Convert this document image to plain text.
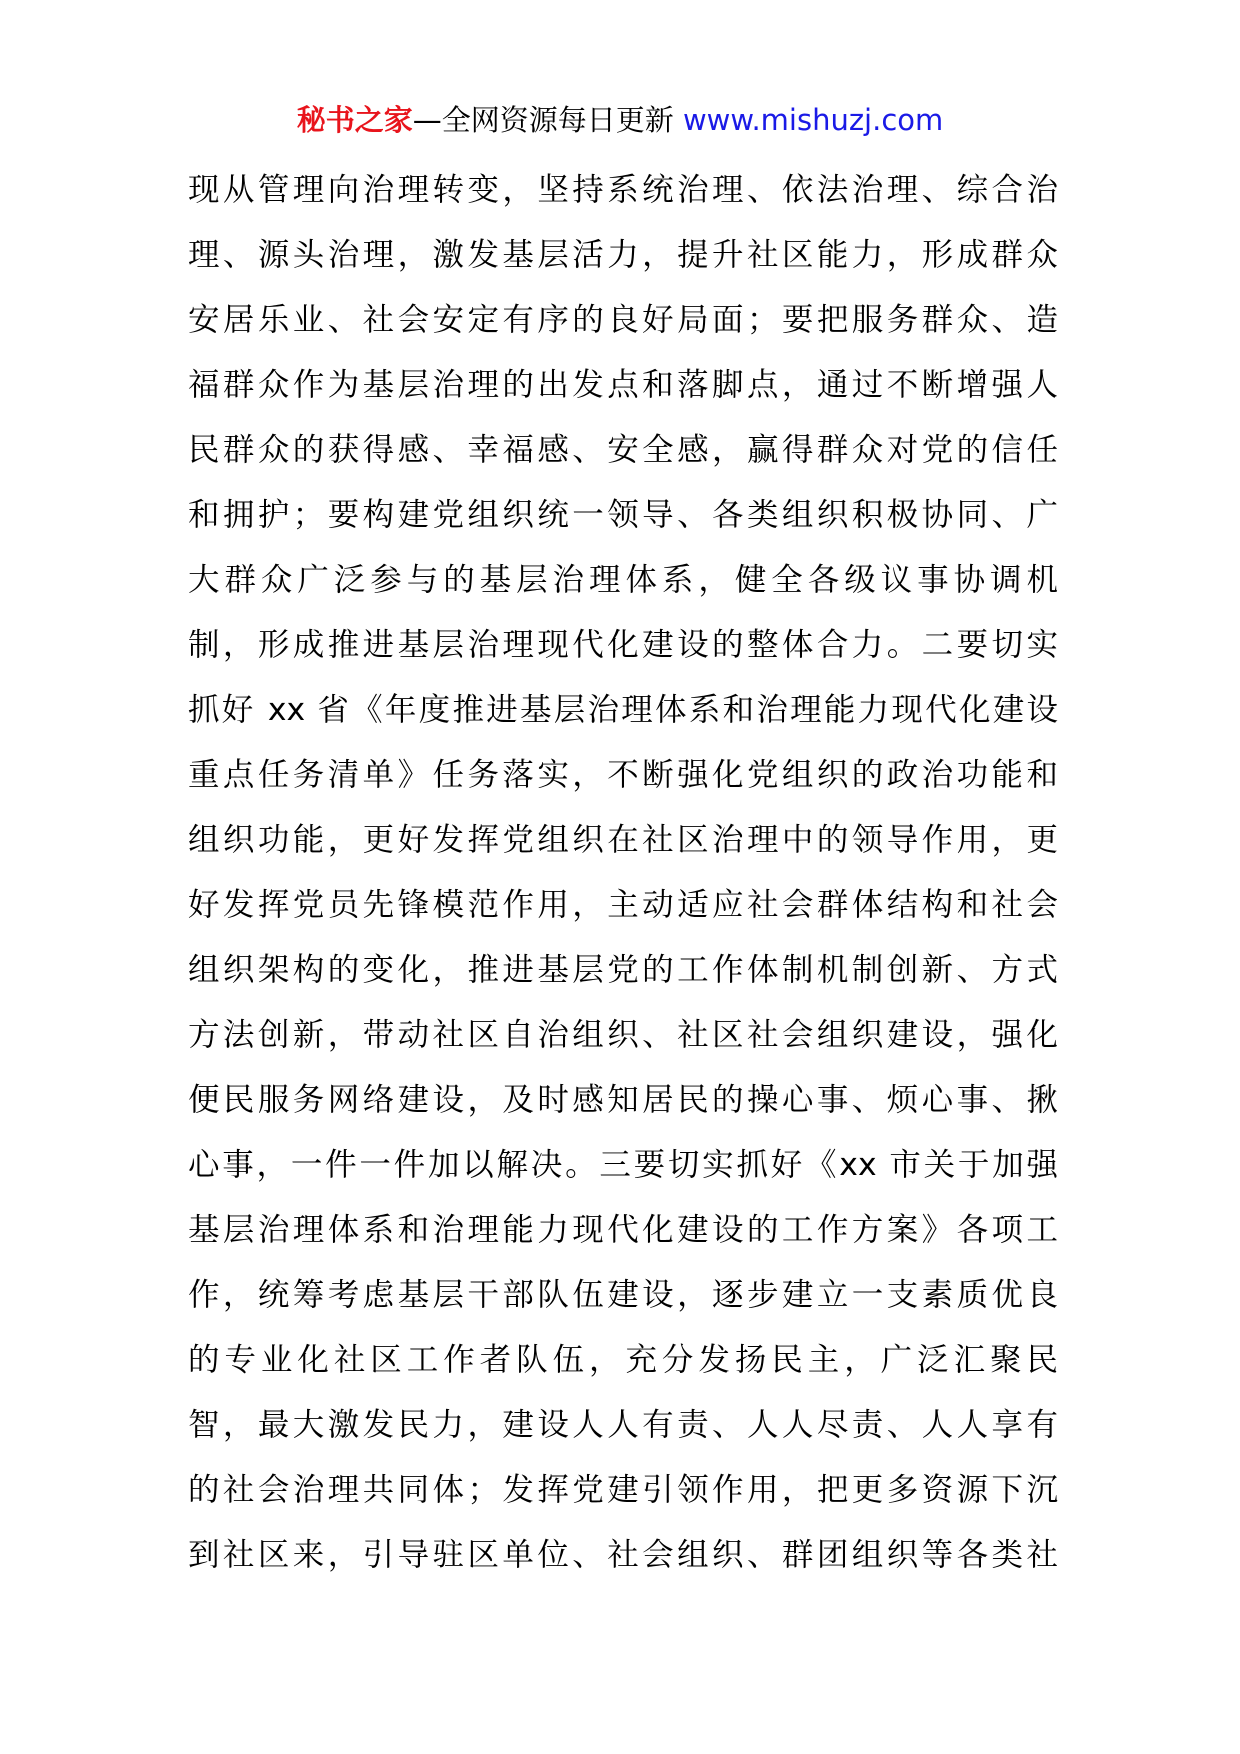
秘书之家—全网资源每日更新 www.mishuzj.com
现从管理向治理转变，坚持系统治理、依法治理、综合治
理、源头治理，激发基层活力，提升社区能力，形成群众
安居乐业、社会安定有序的良好局面；要把服务群众、造
福群众作为基层治理的出发点和落脚点，通过不断增强人
民群众的获得感、幸福感、安全感，赢得群众对党的信任
和拥护；要构建党组织统一领导、各类组织积极协同、广
大群众广泛参与的基层治理体系，健全各级议事协调机
制，形成推进基层治理现代化建设的整体合力。二要切实
抓好 xx 省《年度推进基层治理体系和治理能力现代化建设
重点任务清单》任务落实，不断强化党组织的政治功能和
组织功能，更好发挥党组织在社区治理中的领导作用，更
好发挥党员先锋模范作用，主动适应社会群体结构和社会
组织架构的变化，推进基层党的工作体制机制创新、方式
方法创新，带动社区自治组织、社区社会组织建设，强化
便民服务网络建设，及时感知居民的操心事、烦心事、揪
心事，一件一件加以解决。三要切实抓好《xx 市关于加强
基层治理体系和治理能力现代化建设的工作方案》各项工
作，统筹考虑基层干部队伍建设，逐步建立一支素质优良
的专业化社区工作者队伍，充分发扬民主，广泛汇聚民
智，最大激发民力，建设人人有责、人人尽责、人人享有
的社会治理共同体；发挥党建引领作用，把更多资源下沉
到社区来，引导驻区单位、社会组织、群团组织等各类社
